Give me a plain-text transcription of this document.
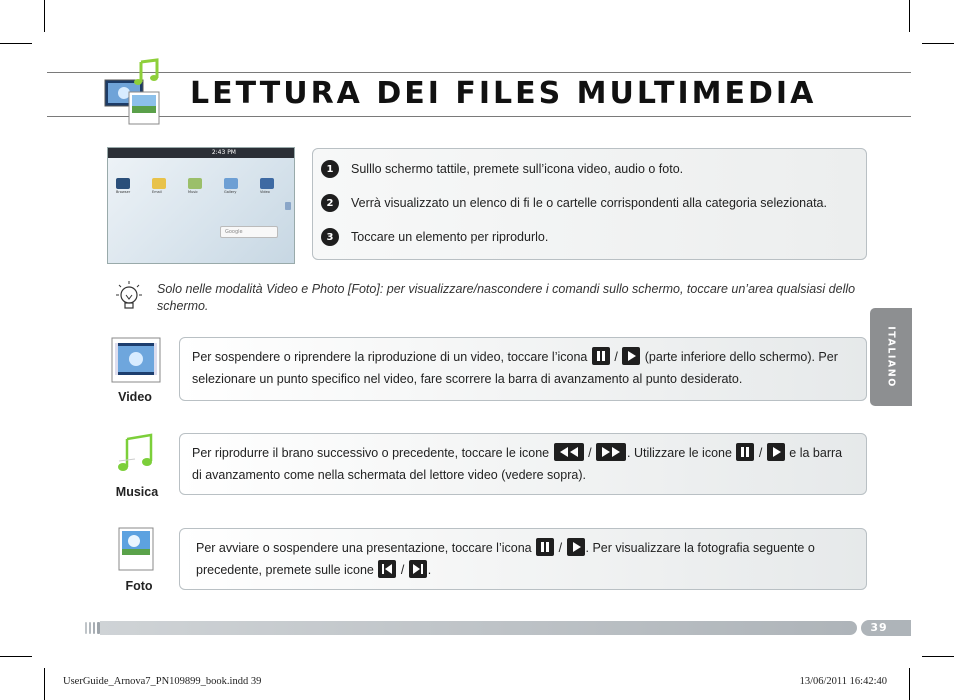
LETTURA DEI FILES MULTIMEDIA
2:43 PM
Browser	Email	Music	Gallery	Video
Google
1	Sulllo schermo tattile, premete sull’icona video, audio o foto.
2	Verrà visualizzato un elenco di fi le o cartelle corrispondenti alla categoria selezionata.
3	Toccare un elemento per riprodurlo.
Solo nelle modalità Video e Photo [Foto]: per visualizzare/nascondere i comandi sullo schermo, toccare un’area qualsiasi dello schermo.
ITALIANO
Video
Per sospendere o riprendere la riproduzione di un video, toccare l’icona  /  (parte inferiore dello schermo). Per
selezionare un punto specifico nel video, fare scorrere la barra di avanzamento al punto desiderato.
Musica
Per riprodurre il brano successivo o precedente, toccare le icone	/	. Utilizzare le icone  /  e la barra
di avanzamento come nella schermata del lettore video (vedere sopra).
Foto
Per avviare o sospendere una presentazione, toccare l’icona  / . Per visualizzare la fotografia seguente o
precedente, premete sulle icone  / .
39
UserGuide_Arnova7_PN109899_book.indd 39	13/06/2011 16:42:40
